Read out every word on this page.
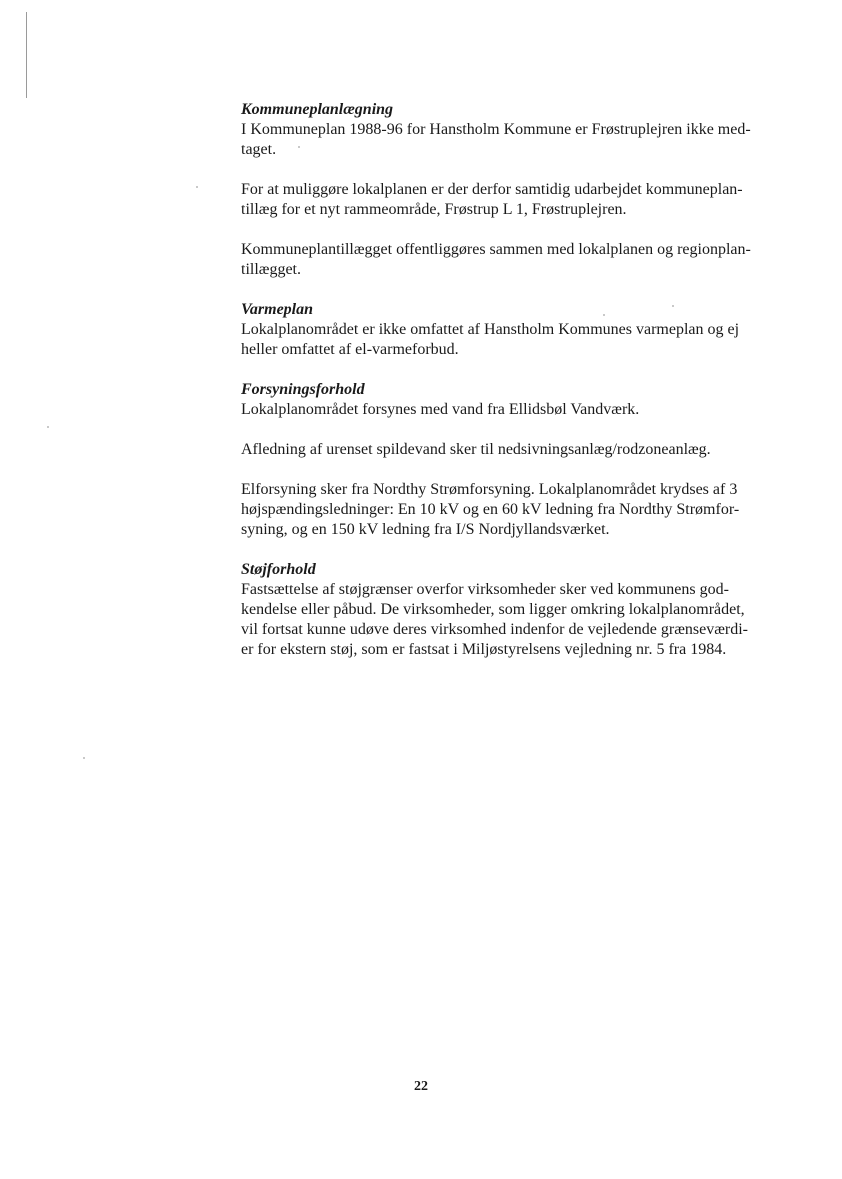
Kommuneplanlægning

I Kommuneplan 1988-96 for Hanstholm Kommune er Frøstruplejren ikke med-
taget.

For at muliggøre lokalplanen er der derfor samtidig udarbejdet kommuneplan-
tillæg for et nyt rammeområde, Frøstrup L 1, Frøstruplejren.

Kommuneplantillægget offentliggøres sammen med lokalplanen og regionplan-
tillægget.

Varmeplan

Lokalplanområdet er ikke omfattet af Hanstholm Kommunes varmeplan og ej
heller omfattet af el-varmeforbud.

Forsyningsforhold

Lokalplanområdet forsynes med vand fra Ellidsbøl Vandværk.

Afledning af urenset spildevand sker til nedsivningsanlæg/rodzoneanlæg.

Elforsyning sker fra Nordthy Strømforsyning. Lokalplanområdet krydses af 3
højspændingsledninger: En 10 kV og en 60 kV ledning fra Nordthy Strømfor-
syning, og en 150 kV ledning fra I/S Nordjyllandsværket.

Støjforhold

Fastsættelse af støjgrænser overfor virksomheder sker ved kommunens god-
kendelse eller påbud. De virksomheder, som ligger omkring lokalplanområdet,
vil fortsat kunne udøve deres virksomhed indenfor de vejledende grænseværdi-
er for ekstern støj, som er fastsat i Miljøstyrelsens vejledning nr. 5 fra 1984.

22
